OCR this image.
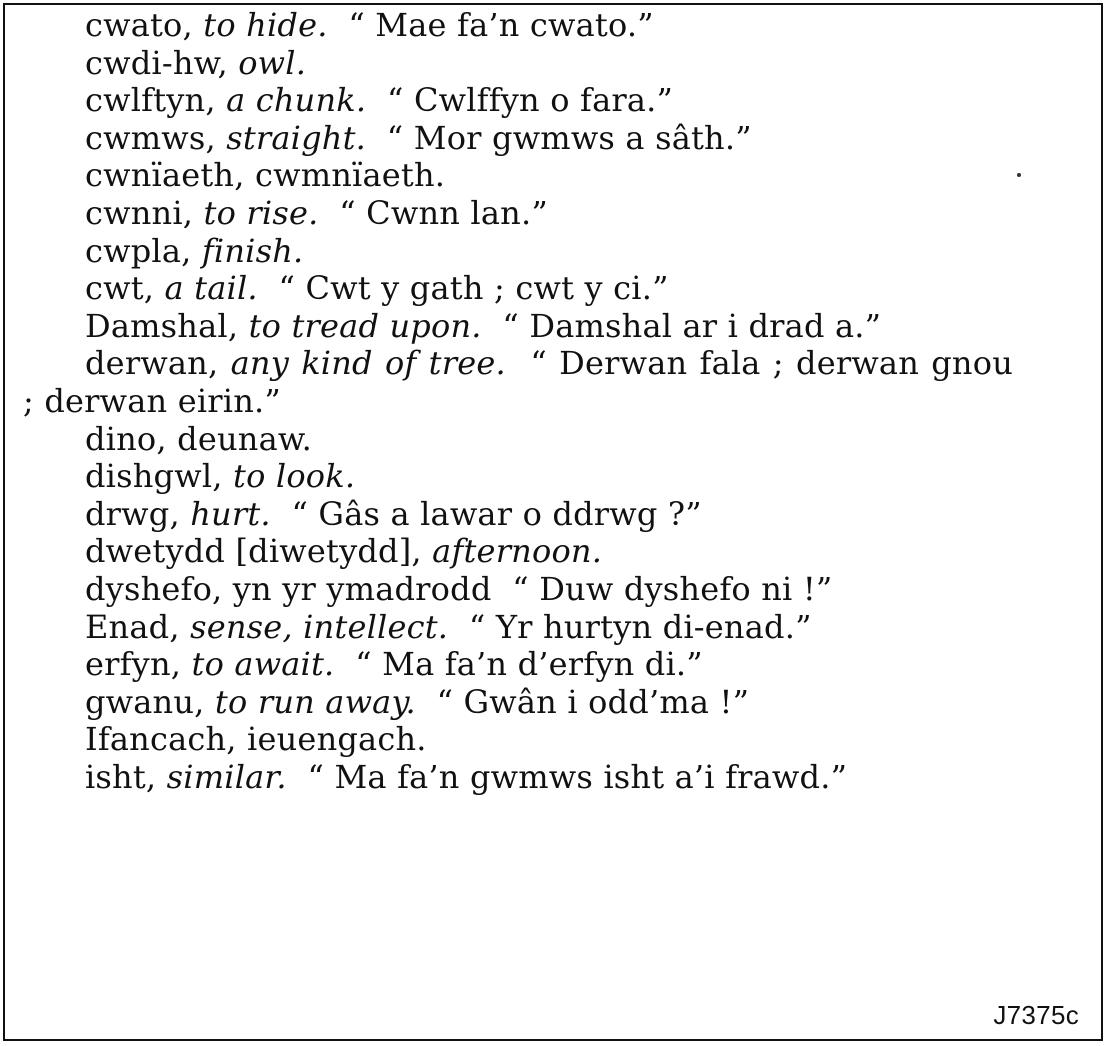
cwato, to hide. “ Mae fa’n cwato.”

cwdi-hw, owl.

cwlftyn, a chunk. “ Cwlffyn o fara.”

cwmws, straight. “ Mor gwmws a sâth.”

cwnïaeth, cwmnïaeth.

cwnni, to rise. “ Cwnn lan.”

cwpla, finish.

cwt, a tail. “ Cwt y gath ; cwt y ci.”

Damshal, to tread upon. “ Damshal ar i drad a.”

derwan, any kind of tree. “ Derwan fala ; derwan gnou ; derwan eirin.”

dino, deunaw.

dishgwl, to look.

drwg, hurt. “ Gâs a lawar o ddrwg ?”

dwetydd [diwetydd], afternoon.

dyshefo, yn yr ymadrodd “ Duw dyshefo ni !”

Enad, sense, intellect. “ Yr hurtyn di-enad.”

erfyn, to await. “ Ma fa’n d’erfyn di.”

gwanu, to run away. “ Gwân i odd’ma !”

Ifancach, ieuengach.

isht, similar. “ Ma fa’n gwmws isht a’i frawd.”

J7375c
